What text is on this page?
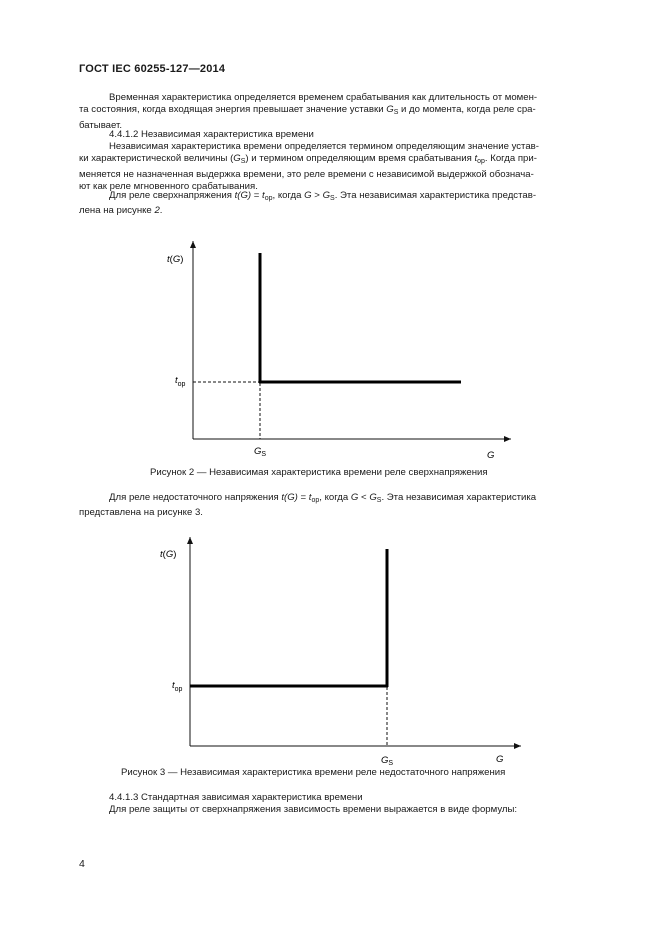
ГОСТ IEC 60255-127—2014
Временная характеристика определяется временем срабатывания как длительность от момен-
та состояния, когда входящая энергия превышает значение уставки $G_S$ и до момента, когда реле сра-
батывает.
4.4.1.2 Независимая характеристика времени
Независимая характеристика времени определяется термином определяющим значение устав-
ки характеристической величины $(G_S)$ и термином определяющим время срабатывания $t_{op}$. Когда при-
меняется не назначенная выдержка времени, это реле времени с независимой выдержкой обознача-
ют как реле мгновенного срабатывания.
Для реле сверхнапряжения $t(G) = t_{op}$, когда $G > G_S$. Эта независимая характеристика представ-
лена на рисунке 2.
t(G)
$t_{op}$
$G_S$	G
t(G)
$t_{op}$
$G_S$	G
Рисунок 2 — Независимая характеристика времени реле сверхнапряжения
Для реле недостаточного напряжения $t(G) = t_{op}$, когда $G < G_S$. Эта независимая характеристика
представлена на рисунке 3.
Рисунок 3 — Независимая характеристика времени реле недостаточного напряжения
4.4.1.3 Стандартная зависимая характеристика времени
Для реле защиты от сверхнапряжения зависимость времени выражается в виде формулы:
4
